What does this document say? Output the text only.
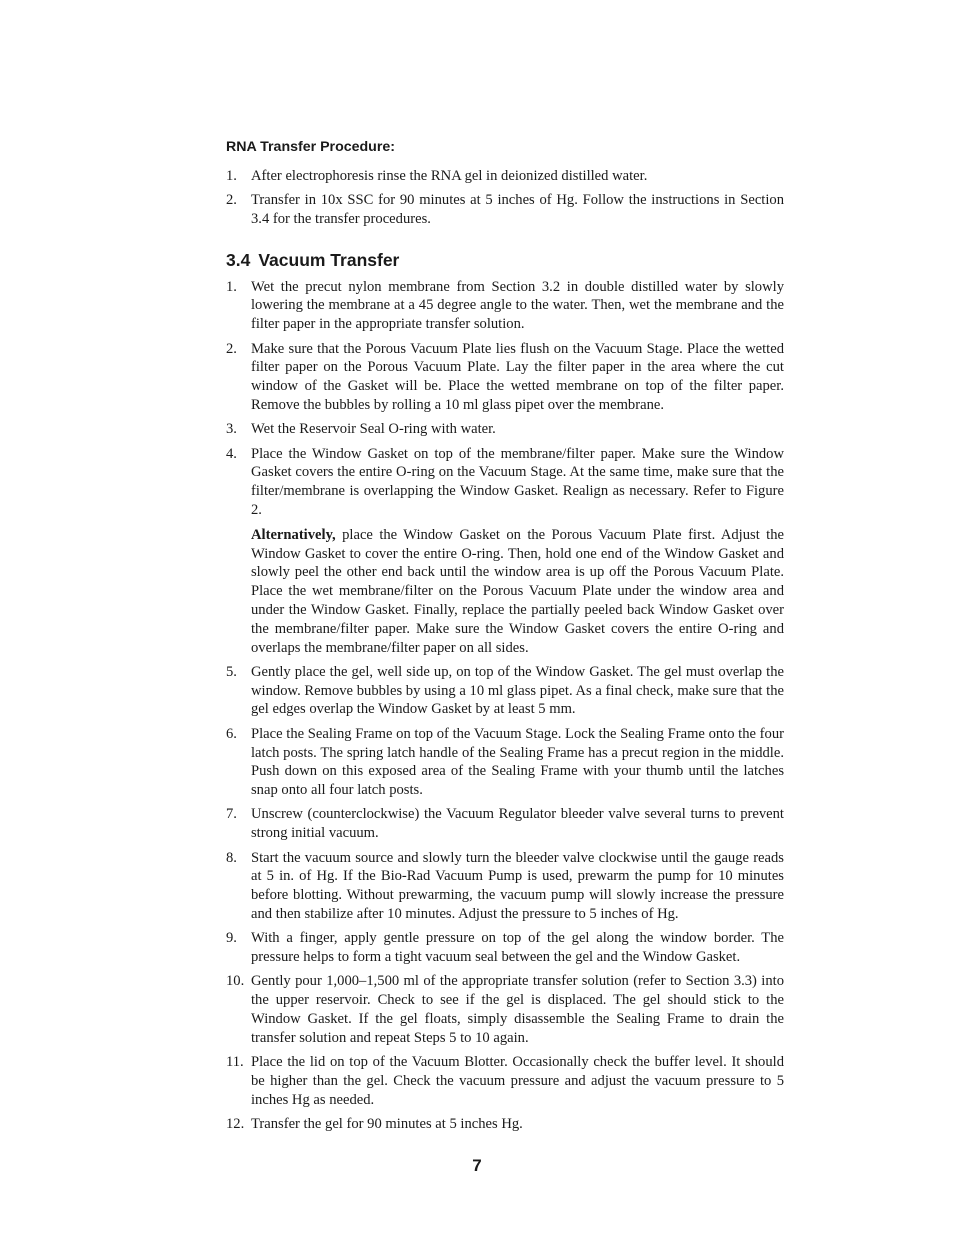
RNA Transfer Procedure:
1. After electrophoresis rinse the RNA gel in deionized distilled water.
2. Transfer in 10x SSC for 90 minutes at 5 inches of Hg. Follow the instructions in Section 3.4 for the transfer procedures.
3.4 Vacuum Transfer
1. Wet the precut nylon membrane from Section 3.2 in double distilled water by slowly lowering the membrane at a 45 degree angle to the water. Then, wet the membrane and the filter paper in the appropriate transfer solution.
2. Make sure that the Porous Vacuum Plate lies flush on the Vacuum Stage. Place the wetted filter paper on the Porous Vacuum Plate. Lay the filter paper in the area where the cut window of the Gasket will be. Place the wetted membrane on top of the filter paper. Remove the bubbles by rolling a 10 ml glass pipet over the membrane.
3. Wet the Reservoir Seal O-ring with water.
4. Place the Window Gasket on top of the membrane/filter paper. Make sure the Window Gasket covers the entire O-ring on the Vacuum Stage. At the same time, make sure that the filter/membrane is overlapping the Window Gasket. Realign as necessary. Refer to Figure 2.

Alternatively, place the Window Gasket on the Porous Vacuum Plate first. Adjust the Window Gasket to cover the entire O-ring. Then, hold one end of the Window Gasket and slowly peel the other end back until the window area is up off the Porous Vacuum Plate. Place the wet membrane/filter on the Porous Vacuum Plate under the window area and under the Window Gasket. Finally, replace the partially peeled back Window Gasket over the membrane/filter paper. Make sure the Window Gasket covers the entire O-ring and overlaps the membrane/filter paper on all sides.

5. Gently place the gel, well side up, on top of the Window Gasket. The gel must overlap the window. Remove bubbles by using a 10 ml glass pipet. As a final check, make sure that the gel edges overlap the Window Gasket by at least 5 mm.
6. Place the Sealing Frame on top of the Vacuum Stage. Lock the Sealing Frame onto the four latch posts. The spring latch handle of the Sealing Frame has a precut region in the middle. Push down on this exposed area of the Sealing Frame with your thumb until the latches snap onto all four latch posts.
7. Unscrew (counterclockwise) the Vacuum Regulator bleeder valve several turns to prevent strong initial vacuum.
8. Start the vacuum source and slowly turn the bleeder valve clockwise until the gauge reads at 5 in. of Hg. If the Bio-Rad Vacuum Pump is used, prewarm the pump for 10 minutes before blotting. Without prewarming, the vacuum pump will slowly increase the pressure and then stabilize after 10 minutes. Adjust the pressure to 5 inches of Hg.
9. With a finger, apply gentle pressure on top of the gel along the window border. The pressure helps to form a tight vacuum seal between the gel and the Window Gasket.
10. Gently pour 1,000–1,500 ml of the appropriate transfer solution (refer to Section 3.3) into the upper reservoir. Check to see if the gel is displaced. The gel should stick to the Window Gasket. If the gel floats, simply disassemble the Sealing Frame to drain the transfer solution and repeat Steps 5 to 10 again.
11. Place the lid on top of the Vacuum Blotter. Occasionally check the buffer level. It should be higher than the gel. Check the vacuum pressure and adjust the vacuum pressure to 5 inches Hg as needed.
12. Transfer the gel for 90 minutes at 5 inches Hg.
7
